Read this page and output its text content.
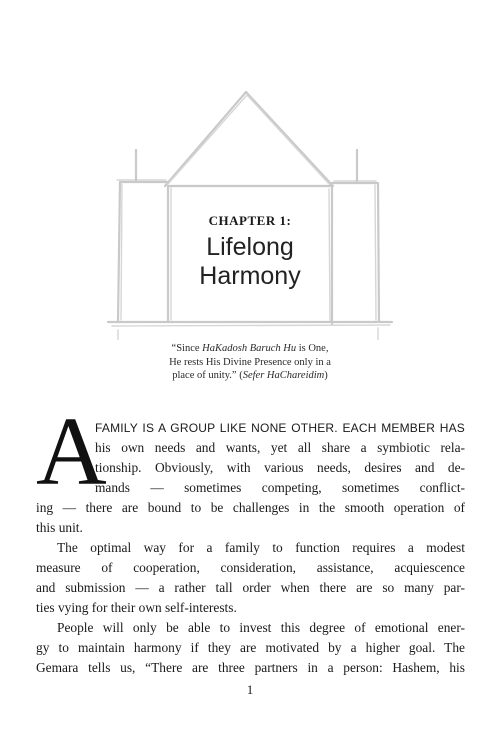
CHAPTER 1:
Lifelong
Harmony
“Since HaKadosh Baruch Hu is One,
He rests His Divine Presence only in a
place of unity.” (Sefer HaChareidim)
A
FAMILY IS A GROUP LIKE NONE OTHER. EACH MEMBER HAS
his own needs and wants, yet all share a symbiotic rela-
tionship. Obviously, with various needs, desires and de-
mands — sometimes competing, sometimes conflict-
ing — there are bound to be challenges in the smooth operation of
this unit.
The optimal way for a family to function requires a modest
measure of cooperation, consideration, assistance, acquiescence
and submission — a rather tall order when there are so many par-
ties vying for their own self-interests.
People will only be able to invest this degree of emotional ener-
gy to maintain harmony if they are motivated by a higher goal. The
Gemara tells us, “There are three partners in a person: Hashem, his
1
